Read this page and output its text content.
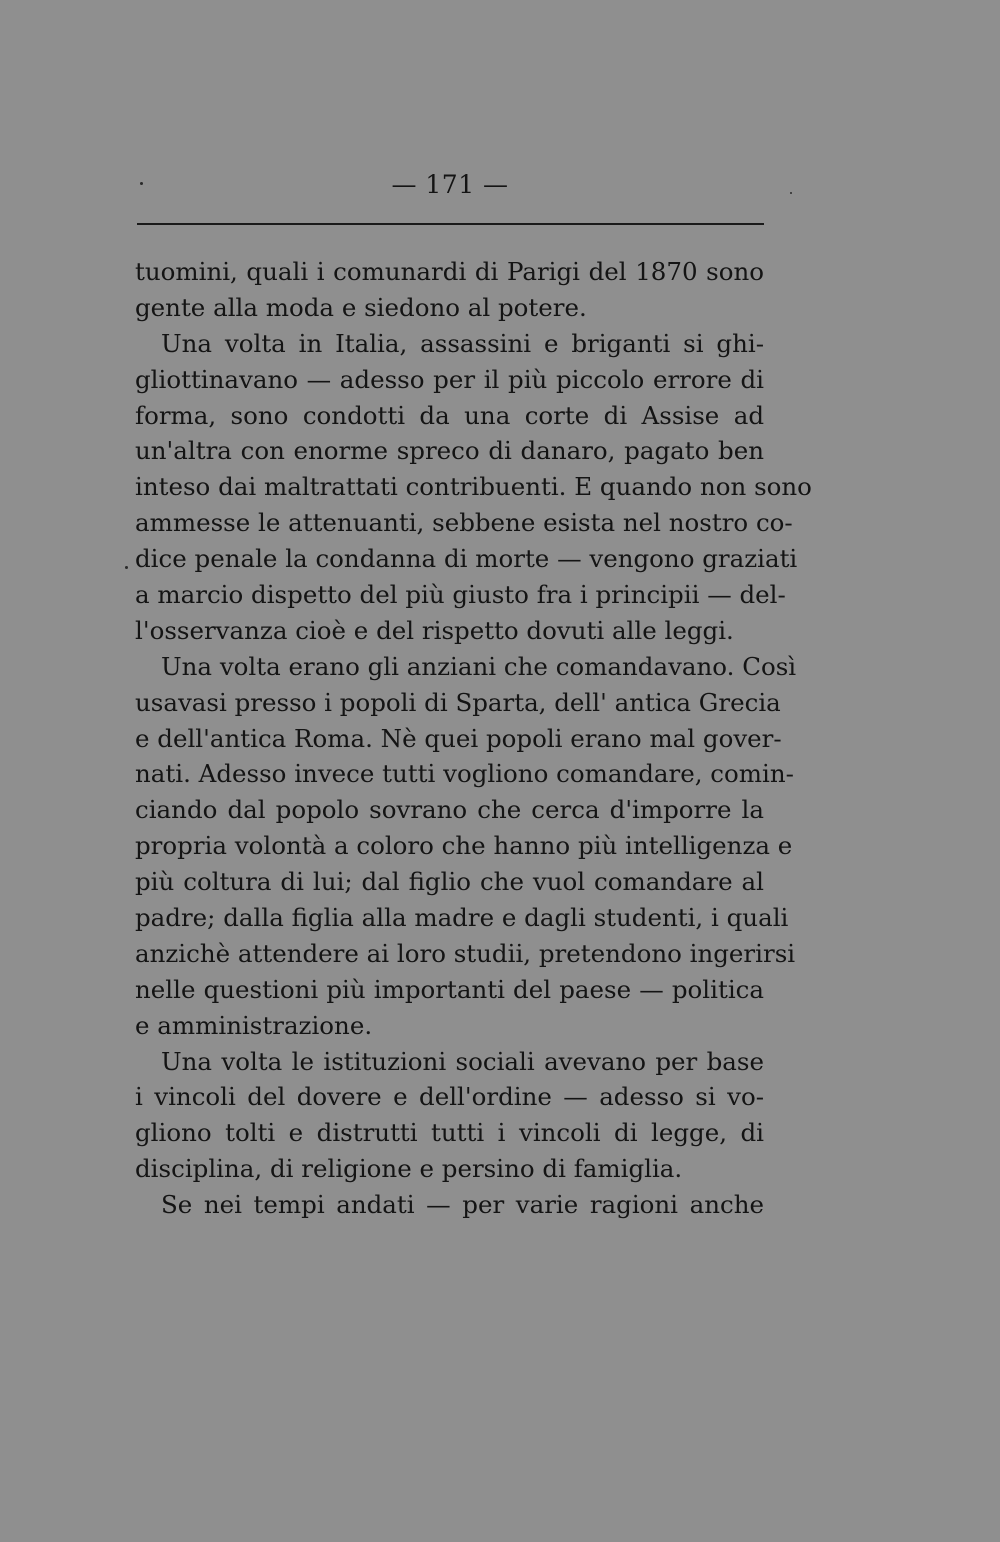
— 171 —
tuomini, quali i comunardi di Parigi del 1870 sono
gente alla moda e siedono al potere.
Una volta in Italia, assassini e briganti si ghi-
gliottinavano — adesso per il più piccolo errore di
forma, sono condotti da una corte di Assise ad
un'altra con enorme spreco di danaro, pagato ben
inteso dai maltrattati contribuenti. E quando non sono
ammesse le attenuanti, sebbene esista nel nostro co-
dice penale la condanna di morte — vengono graziati
a marcio dispetto del più giusto fra i principii — del-
l'osservanza cioè e del rispetto dovuti alle leggi.
Una volta erano gli anziani che comandavano. Così
usavasi presso i popoli di Sparta, dell' antica Grecia
e dell'antica Roma. Nè quei popoli erano mal gover-
nati. Adesso invece tutti vogliono comandare, comin-
ciando dal popolo sovrano che cerca d'imporre la
propria volontà a coloro che hanno più intelligenza e
più coltura di lui; dal figlio che vuol comandare al
padre; dalla figlia alla madre e dagli studenti, i quali
anzichè attendere ai loro studii, pretendono ingerirsi
nelle questioni più importanti del paese — politica
e amministrazione.
Una volta le istituzioni sociali avevano per base
i vincoli del dovere e dell'ordine — adesso si vo-
gliono tolti e distrutti tutti i vincoli di legge, di
disciplina, di religione e persino di famiglia.
Se nei tempi andati — per varie ragioni anche
